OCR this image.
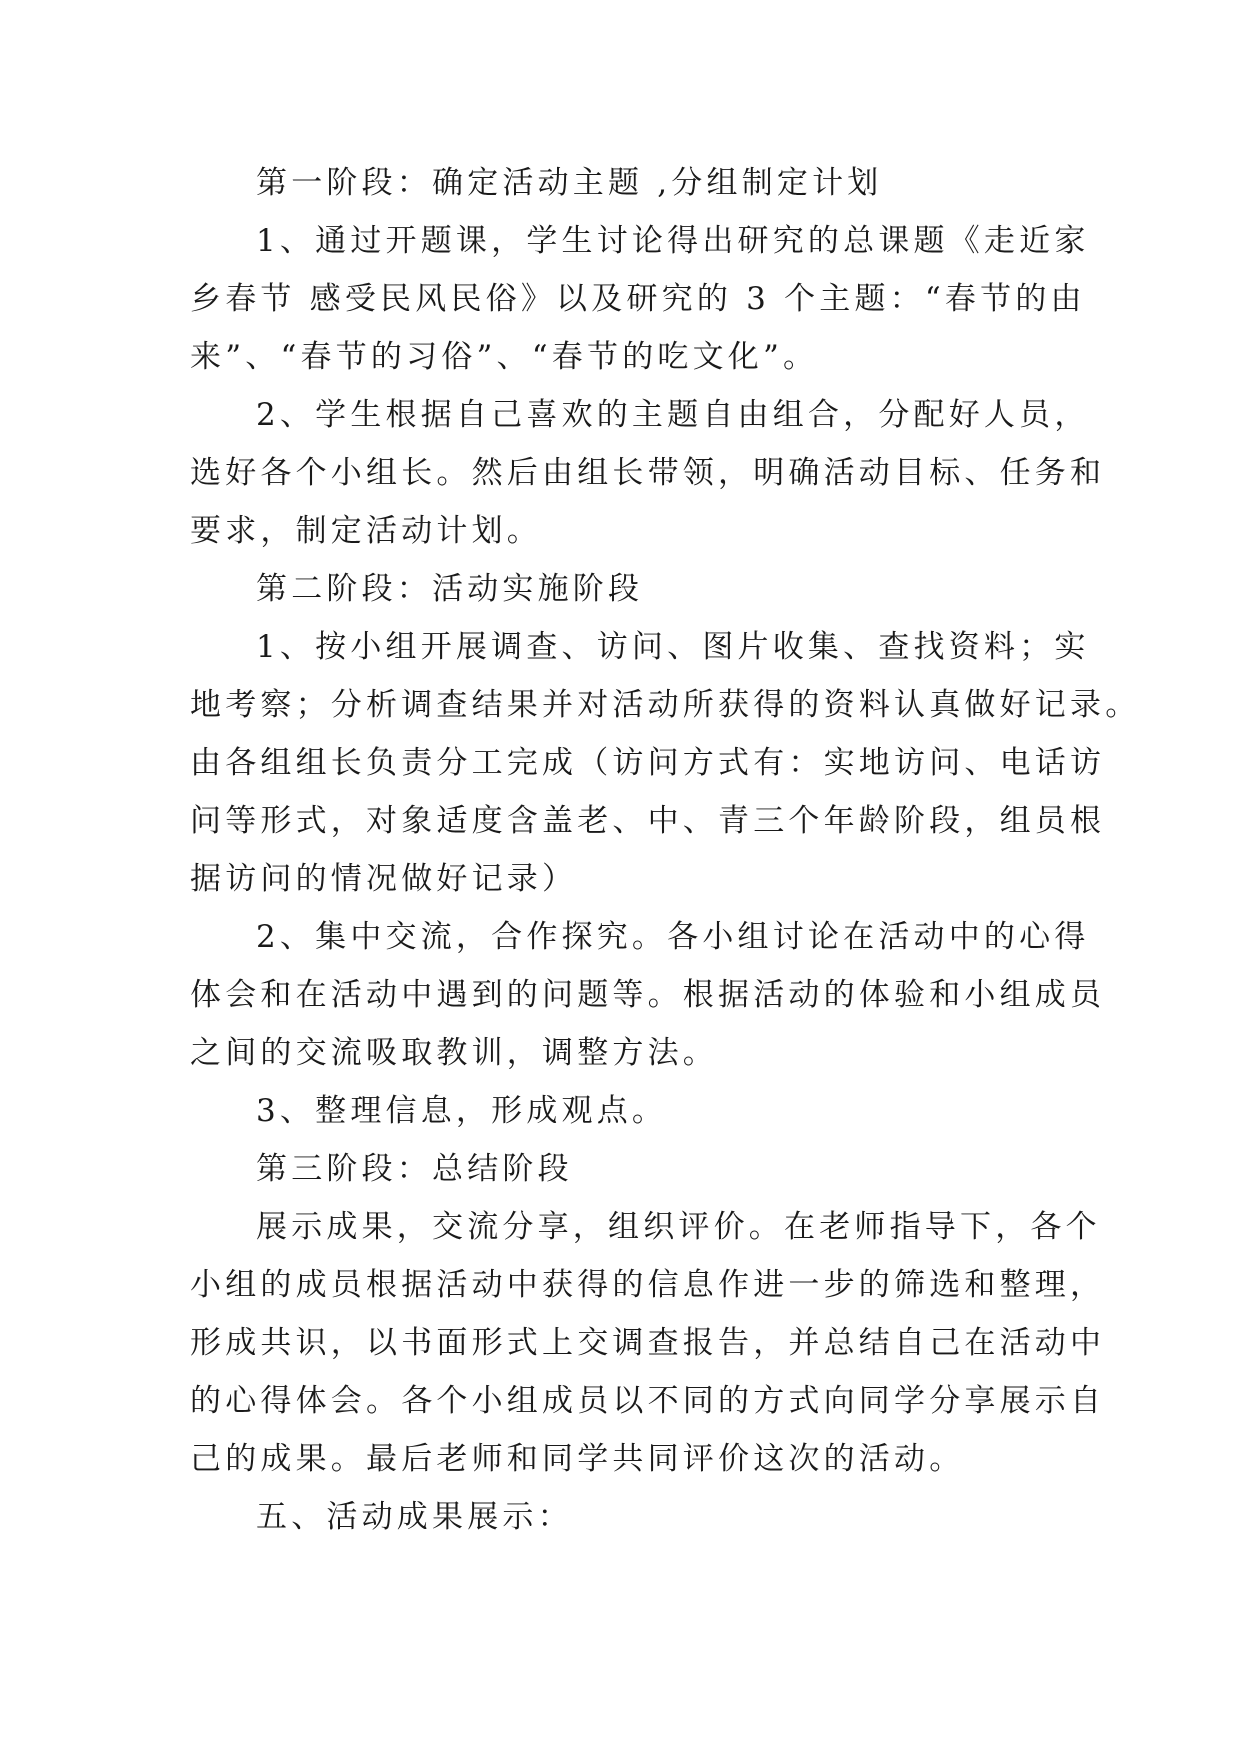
第一阶段：确定活动主题 ,分组制定计划
1、通过开题课，学生讨论得出研究的总课题《走近家
乡春节 感受民风民俗》以及研究的 3 个主题：“春节的由
来”、“春节的习俗”、“春节的吃文化”。
2、学生根据自己喜欢的主题自由组合，分配好人员，
选好各个小组长。然后由组长带领，明确活动目标、任务和
要求，制定活动计划。
第二阶段：活动实施阶段
1、按小组开展调查、访问、图片收集、查找资料；实
地考察；分析调查结果并对活动所获得的资料认真做好记录。
由各组组长负责分工完成（访问方式有：实地访问、电话访
问等形式，对象适度含盖老、中、青三个年龄阶段，组员根
据访问的情况做好记录）
2、集中交流，合作探究。各小组讨论在活动中的心得
体会和在活动中遇到的问题等。根据活动的体验和小组成员
之间的交流吸取教训，调整方法。
3、整理信息，形成观点。
第三阶段：总结阶段
展示成果，交流分享，组织评价。在老师指导下，各个
小组的成员根据活动中获得的信息作进一步的筛选和整理，
形成共识，以书面形式上交调查报告，并总结自己在活动中
的心得体会。各个小组成员以不同的方式向同学分享展示自
己的成果。最后老师和同学共同评价这次的活动。
五、活动成果展示：
